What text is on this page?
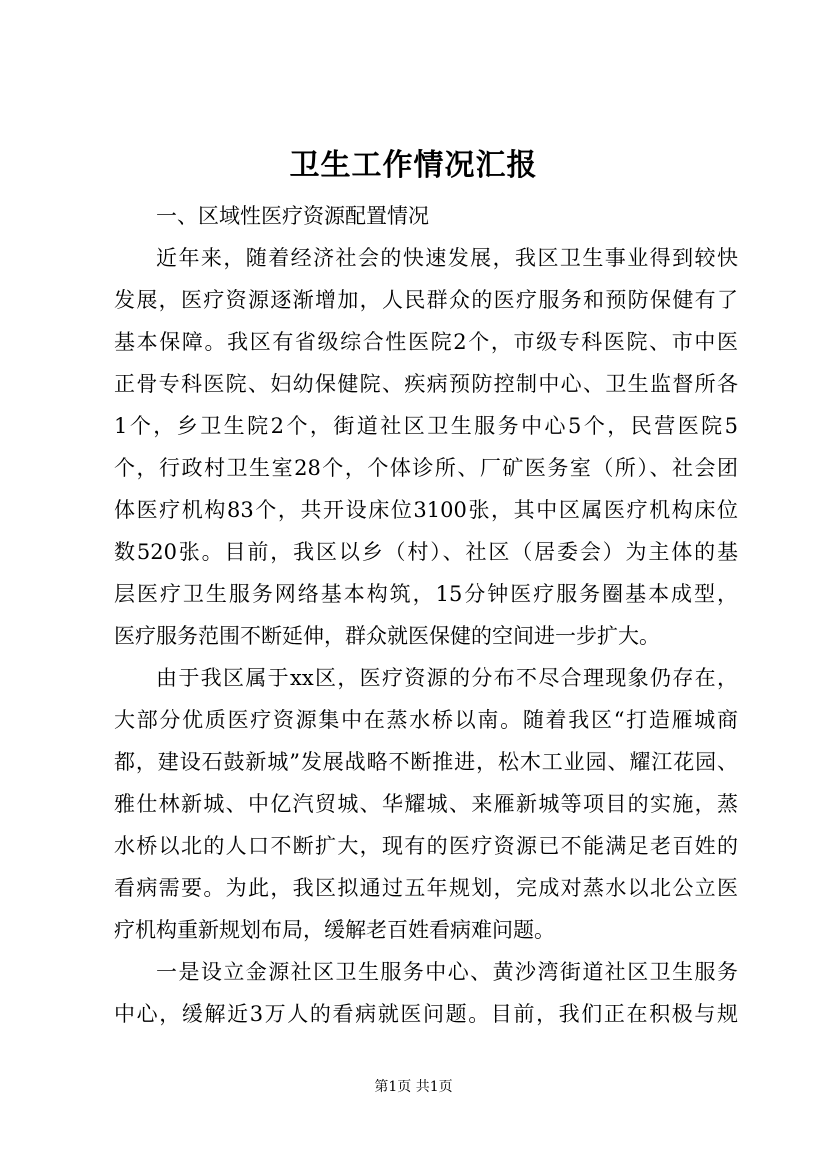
卫生工作情况汇报

一、区域性医疗资源配置情况

近年来，随着经济社会的快速发展，我区卫生事业得到较快

发展，医疗资源逐渐增加，人民群众的医疗服务和预防保健有了

基本保障。我区有省级综合性医院2个，市级专科医院、市中医

正骨专科医院、妇幼保健院、疾病预防控制中心、卫生监督所各

1个，乡卫生院2个，街道社区卫生服务中心5个，民营医院5

个，行政村卫生室28个，个体诊所、厂矿医务室（所）、社会团

体医疗机构83个，共开设床位3100张，其中区属医疗机构床位

数520张。目前，我区以乡（村）、社区（居委会）为主体的基

层医疗卫生服务网络基本构筑，15分钟医疗服务圈基本成型，

医疗服务范围不断延伸，群众就医保健的空间进一步扩大。

由于我区属于xx区，医疗资源的分布不尽合理现象仍存在，

大部分优质医疗资源集中在蒸水桥以南。随着我区“打造雁城商

都，建设石鼓新城”发展战略不断推进，松木工业园、耀江花园、

雅仕林新城、中亿汽贸城、华耀城、来雁新城等项目的实施，蒸

水桥以北的人口不断扩大，现有的医疗资源已不能满足老百姓的

看病需要。为此，我区拟通过五年规划，完成对蒸水以北公立医

疗机构重新规划布局，缓解老百姓看病难问题。

一是设立金源社区卫生服务中心、黄沙湾街道社区卫生服务

中心，缓解近3万人的看病就医问题。目前，我们正在积极与规

第1页 共1页
